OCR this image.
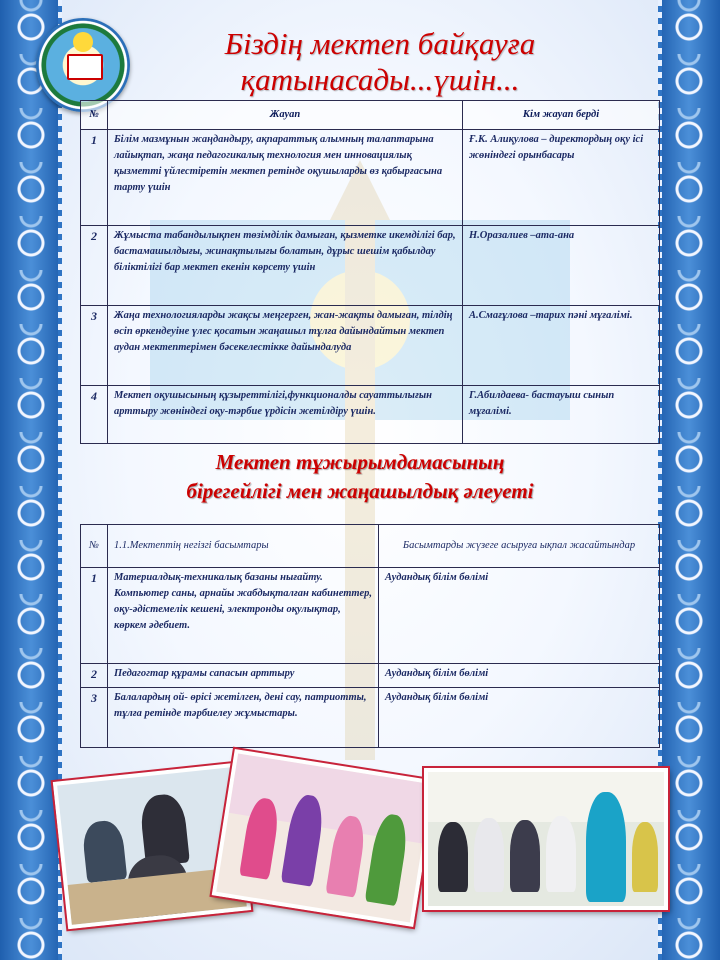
Біздің мектеп байқауға
қатынасады...үшін...
№	Жауап	Кім жауап берді
1	Білім мазмұнын жаңдандыру, ақпараттық алымның талаптарына лайықтап, жаңа педагогикалық технология мен инновациялық қызметті үйлестіретін мектеп ретінде оқушыларды өз қабырғасына тарту үшін	Ғ.К. Алиқулова – директордың оқу ісі жөніндегі орынбасары
2	Жұмыста табандылықпен төзімділік дамыған, қызметке икемділігі бар, бастамашылдығы, жинақтылығы болатын, дұрыс шешім қабылдау біліктілігі бар мектеп екенін көрсету үшін	Н.Оразалиев –ата-ана
3	Жаңа технологияларды жақсы меңгерген, жан-жақты дамыған, тілдің өсіп өркендеуіне үлес қосатын жаңашыл тұлға дайындайтын мектеп аудан мектептерімен бәсекелестікке дайындалуда	А.Смағұлова –тарих пәні мұғалімі.
4	Мектеп оқушысының құзыреттілігі,функционалды сауаттылығын арттыру жөніндегі оқу-тәрбие үрдісін жетілдіру үшін.	Г.Абилдаева- бастауыш сынып мұғалімі.
Мектеп тұжырымдамасының
бірегейлігі мен жаңашылдық әлеуеті
№	1.1.Мектептің негізгі басымтары	Басымтарды жүзеге асыруға ықпал жасайтындар
1	Материалдық-техникалық базаны нығайту. Компьютер саны, арнайы жабдықталған кабинеттер, оқу-әдістемелік кешені, электронды оқулықтар, көркем әдебиет.	Аудандық білім бөлімі
2	Педагогтар құрамы сапасын арттыру	Аудандық білім бөлімі
3	Балалардың ой- өрісі жетілген, дені сау, патриотты, тұлға ретінде тәрбиелеу жұмыстары.	Аудандық білім бөлімі
